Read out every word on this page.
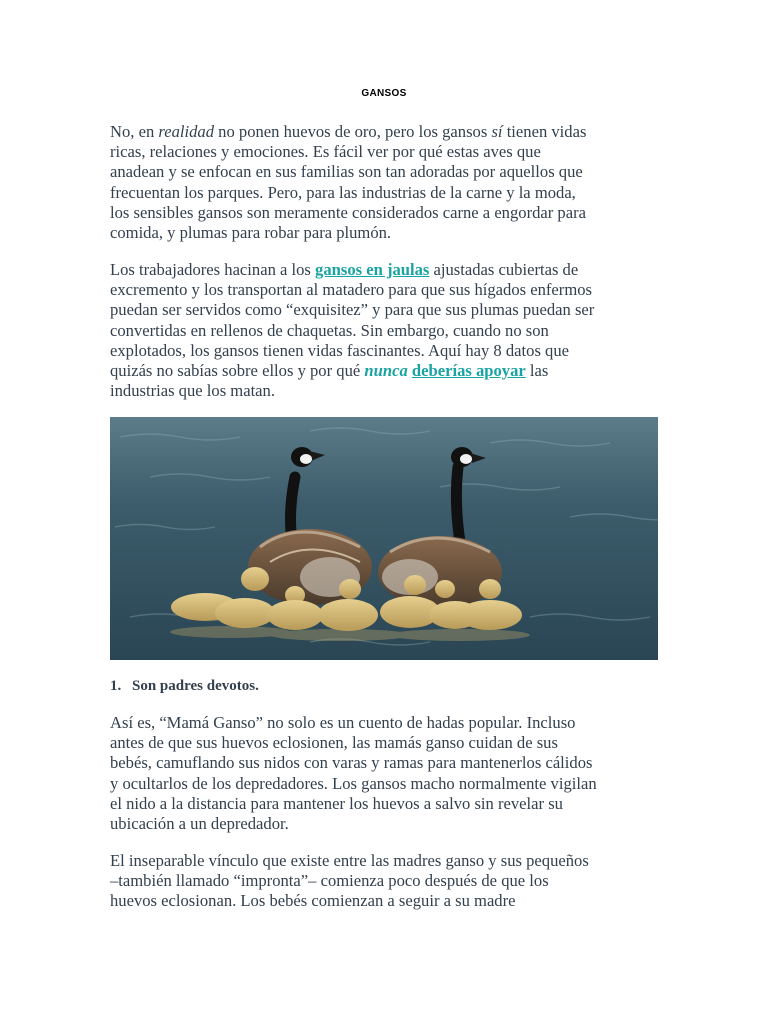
GANSOS

No, en realidad no ponen huevos de oro, pero los gansos sí tienen vidas
ricas, relaciones y emociones. Es fácil ver por qué estas aves que
anadean y se enfocan en sus familias son tan adoradas por aquellos que
frecuentan los parques. Pero, para las industrias de la carne y la moda,
los sensibles gansos son meramente considerados carne a engordar para
comida, y plumas para robar para plumón.

Los trabajadores hacinan a los gansos en jaulas ajustadas cubiertas de
excremento y los transportan al matadero para que sus hígados enfermos
puedan ser servidos como “exquisitez” y para que sus plumas puedan ser
convertidas en rellenos de chaquetas. Sin embargo, cuando no son
explotados, los gansos tienen vidas fascinantes. Aquí hay 8 datos que
quizás no sabías sobre ellos y por qué nunca deberías apoyar las
industrias que los matan.

1. Son padres devotos.

Así es, “Mamá Ganso” no solo es un cuento de hadas popular. Incluso
antes de que sus huevos eclosionen, las mamás ganso cuidan de sus
bebés, camuflando sus nidos con varas y ramas para mantenerlos cálidos
y ocultarlos de los depredadores. Los gansos macho normalmente vigilan
el nido a la distancia para mantener los huevos a salvo sin revelar su
ubicación a un depredador.

El inseparable vínculo que existe entre las madres ganso y sus pequeños
–también llamado “impronta”– comienza poco después de que los
huevos eclosionan. Los bebés comienzan a seguir a su madre
